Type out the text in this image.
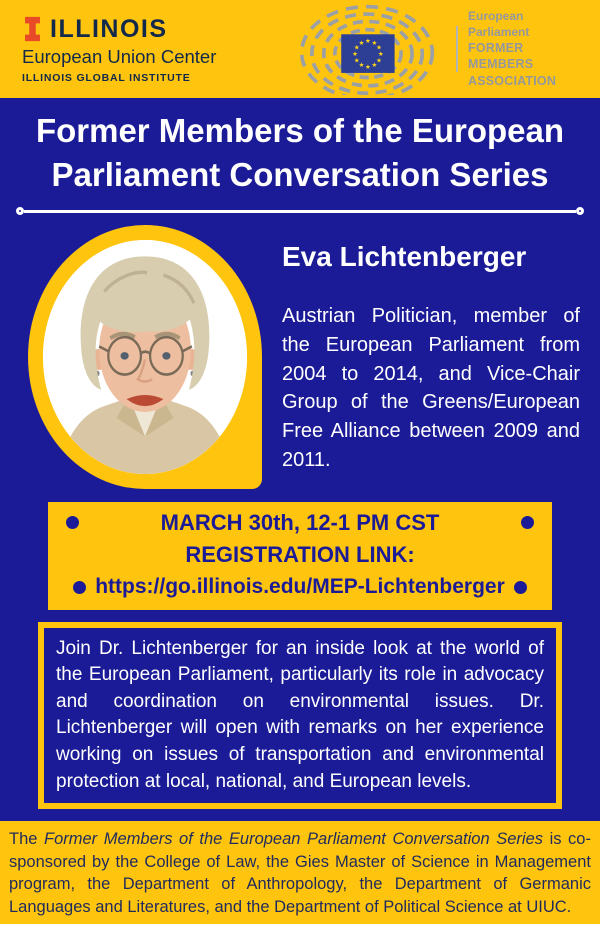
ILLINOIS
European Union Center
ILLINOIS GLOBAL INSTITUTE
★ ★
★
★
★
★
★
★
★
★
★
★
European Parliament
FORMER MEMBERS
ASSOCIATION
Former Members of the European
Parliament Conversation Series
Eva Lichtenberger
Austrian Politician, member of the European Parliament from 2004 to 2014, and Vice-Chair Group of the Greens/European Free Alliance between 2009 and 2011.
MARCH 30th, 12-1 PM CST
REGISTRATION LINK:
https://go.illinois.edu/MEP-Lichtenberger
Join Dr. Lichtenberger for an inside look at the world of the European Parliament, particularly its role in advocacy and coordination on environmental issues. Dr. Lichtenberger will open with remarks on her experience working on issues of transportation and environmental protection at local, national, and European levels.
The Former Members of the European Parliament Conversation Series is co-sponsored by the College of Law, the Gies Master of Science in Management program, the Department of Anthropology, the Department of Germanic Languages and Literatures, and the Department of Political Science at UIUC.
